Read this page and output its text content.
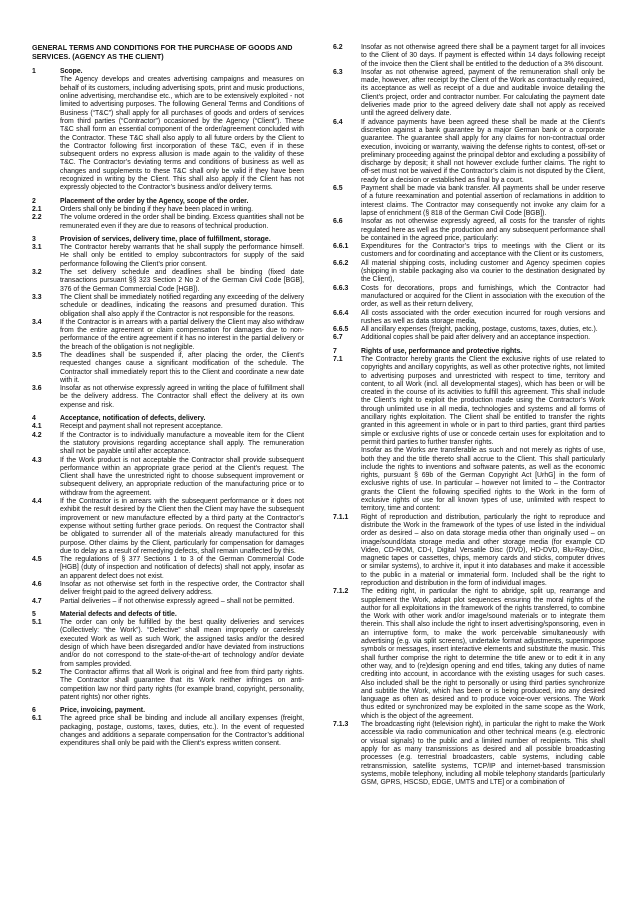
GENERAL TERMS AND CONDITIONS FOR THE PURCHASE OF GOODS AND SERVICES. (AGENCY AS THE CLIENT)
1	Scope.
The Agency develops and creates advertising campaigns and measures on behalf of its customers, including advertising spots, print and music productions, online advertising, merchandise etc., which are to be extensively exploited - not limited to advertising purposes. The following General Terms and Conditions of Business (“T&C”) shall apply for all purchases of goods and orders of services from third parties (“Contractor”) occasioned by the Agency (“Client”). These T&C shall form an essential component of the order/agreement concluded with the Contractor. These T&C shall also apply to all future orders by the Client to the Contractor following first incorporation of these T&C, even if in these subsequent orders no express allusion is made again to the validity of these T&C. The Contractor’s deviating terms and conditions of business as well as changes and supplements to these T&C shall only be valid if they have been recognized in writing by the Client. This shall also apply if the Client has not expressly objected to the Contractor’s business and/or delivery terms.
2	Placement of the order by the Agency, scope of the order.
2.1	Orders shall only be binding if they have been placed in writing.
2.2	The volume ordered in the order shall be binding. Excess quantities shall not be remunerated even if they are due to reasons of technical production.
3	Provision of services, delivery time, place of fulfillment, storage.
3.1	The Contractor hereby warrants that he shall supply the performance himself. He shall only be entitled to employ subcontractors for supply of the said performance following the Client’s prior consent.
3.2	The set delivery schedule and deadlines shall be binding (fixed date transactions pursuant §§ 323 Section 2 No 2 of the German Civil Code [BGB], 376 of the German Commercial Code [HGB]).
3.3	The Client shall be immediately notified regarding any exceeding of the delivery schedule or deadlines, indicating the reasons and presumed duration. This obligation shall also apply if the Contractor is not responsible for the reasons.
3.4	If the Contractor is in arrears with a partial delivery the Client may also withdraw from the entire agreement or claim compensation for damages due to non-performance of the entire agreement if it has no interest in the partial delivery or the breach of the obligation is not negligible.
3.5	The deadlines shall be suspended if, after placing the order, the Client’s requested changes cause a significant modification of the schedule. The Contractor shall immediately report this to the Client and coordinate a new date with it.
3.6	Insofar as not otherwise expressly agreed in writing the place of fulfillment shall be the delivery address. The Contractor shall effect the delivery at its own expense and risk.
4	Acceptance, notification of defects, delivery.
4.1	Receipt and payment shall not represent acceptance.
4.2	If the Contractor is to individually manufacture a moveable item for the Client the statutory provisions regarding acceptance shall apply. The remuneration shall not be payable until after acceptance.
4.3	If the Work product is not acceptable the Contractor shall provide subsequent performance within an appropriate grace period at the Client’s request. The Client shall have the unrestricted right to choose subsequent improvement or subsequent delivery, an appropriate reduction of the manufacturing price or to withdraw from the agreement.
4.4	If the Contractor is in arrears with the subsequent performance or it does not exhibit the result desired by the Client then the Client may have the subsequent improvement or new manufacture effected by a third party at the Contractor’s expense without setting further grace periods. On request the Contractor shall be obligated to surrender all of the materials already manufactured for this purpose. Other claims by the Client, particularly for compensation for damages due to delay as a result of remedying defects, shall remain unaffected by this.
4.5	The regulations of § 377 Sections 1 to 3 of the German Commercial Code [HGB] (duty of inspection and notification of defects) shall not apply, insofar as an apparent defect does not exist.
4.6	Insofar as not otherwise set forth in the respective order, the Contractor shall deliver freight paid to the agreed delivery address.
4.7	Partial deliveries – if not otherwise expressly agreed – shall not be permitted.
5	Material defects and defects of title.
5.1	The order can only be fulfilled by the best quality deliveries and services (Collectively: “the Work”). “Defective” shall mean improperly or carelessly executed Work as well as such Work, the assigned tasks and/or the desired design of which have been disregarded and/or have deviated from instructions and/or do not correspond to the state-of-the-art of technology and/or deviate from samples provided.
5.2	The Contractor affirms that all Work is original and free from third party rights. The Contractor shall guarantee that its Work neither infringes on anti-competition law nor third party rights (for example brand, copyright, personality, patent rights) nor other rights.
6	Price, invoicing, payment.
6.1	The agreed price shall be binding and include all ancillary expenses (freight, packaging, postage, customs, taxes, duties, etc.). In the event of requested changes and additions a separate compensation for the Contractor’s additional expenditures shall only be paid with the Client’s express written consent.
6.2	Insofar as not otherwise agreed there shall be a payment target for all invoices to the Client of 30 days. If payment is effected within 14 days following receipt of the invoice then the Client shall be entitled to the deduction of a 3% discount.
6.3	Insofar as not otherwise agreed, payment of the remuneration shall only be made, however, after receipt by the Client of the Work as contractually required, its acceptance as well as receipt of a due and auditable invoice detailing the Client’s project, order and contractor number. For calculating the payment date deliveries made prior to the agreed delivery date shall not apply as received until the agreed delivery date.
6.4	If advance payments have been agreed these shall be made at the Client’s discretion against a bank guarantee by a major German bank or a corporate guarantee. The guarantee shall apply for any claims for non-contractual order execution, invoicing or warranty, waiving the defense rights to contest, off-set or preliminary proceeding against the principal debtor and excluding a possibility of discharge by deposit; it shall not however exclude further claims. The right to off-set must not be waived if the Contractor’s claim is not disputed by the Client, ready for a decision or established as final by a court.
6.5	Payment shall be made via bank transfer. All payments shall be under reserve of a future reexamination and potential assertion of reclamations in addition to interest claims. The Contractor may consequently not invoke any claim for a lapse of enrichment (§ 818 of the German Civil Code [BGB]).
6.6	Insofar as not otherwise expressly agreed, all costs for the transfer of rights regulated here as well as the production and any subsequent performance shall be contained in the agreed price, particularly:
6.6.1	Expenditures for the Contractor’s trips to meetings with the Client or its customers and for coordinating and acceptance with the Client or its customers,
6.6.2	All material shipping costs, including customer and Agency specimen copies (shipping in stabile packaging also via courier to the destination designated by the Client),
6.6.3	Costs for decorations, props and furnishings, which the Contractor had manufactured or acquired for the Client in association with the execution of the order, as well as their return delivery,
6.6.4	All costs associated with the order execution incurred for rough versions and rushes as well as data storage media,
6.6.5	All ancillary expenses (freight, packing, postage, customs, taxes, duties, etc.).
6.7	Additional copies shall be paid after delivery and an acceptance inspection.
7	Rights of use, performance and protective rights.
7.1	The Contractor hereby grants the Client the exclusive rights of use related to copyrights and ancillary copyrights, as well as other protective rights, not limited to advertising purposes and unrestricted with respect to time, territory and content, to all Work (incl. all developmental stages), which has been or will be created in the course of its activities to fulfill this agreement. This shall include the Client’s right to exploit the production made using the Contractor’s Work through unlimited use in all media, technologies and systems and all forms of ancillary rights exploitation. The Client shall be entitled to transfer the rights granted in this agreement in whole or in part to third parties, grant third parties simple or exclusive rights of use or concede certain uses for exploitation and to permit third parties to further transfer rights.
Insofar as the Works are transferable as such and not merely as rights of use, both they and the title thereto shall accrue to the Client. This shall particularly include the rights to inventions and software patents, as well as the economic rights, pursuant § 69b of the German Copyright Act [UrhG] in the form of exclusive rights of use. In particular – however not limited to – the Contractor grants the Client the following specified rights to the Work in the form of exclusive rights of use for all known types of use, unlimited with respect to territory, time and content:
7.1.1	Right of reproduction and distribution, particularly the right to reproduce and distribute the Work in the framework of the types of use listed in the individual order as desired – also on data storage media other than originally used – on image/sound/data storage media and other storage media (for example CD Video, CD-ROM, CD-I, Digital Versatile Disc (DVD), HD-DVD, Blu-Ray-Disc, magnetic tapes or cassettes, chips, memory cards and sticks, computer drives or similar systems), to archive it, input it into databases and make it accessible to the public in a material or immaterial form. Included shall be the right to reproduction and distribution in the form of individual images.
7.1.2	The editing right, in particular the right to abridge, split up, rearrange and supplement the Work, adapt plot sequences ensuring the moral rights of the author for all exploitations in the framework of the rights transferred, to combine the Work with other work and/or image/sound materials or to integrate them therein. This shall also include the right to insert advertising/sponsoring, even in an interruptive form, to make the work perceivable simultaneously with advertising (e.g. via split screens), undertake format adjustments, superimpose symbols or messages, insert interactive elements and substitute the music. This shall further comprise the right to determine the title anew or to edit it in any other way, and to (re)design opening and end titles, taking any duties of name crediting into account, in accordance with the existing usages for such cases. Also included shall be the right to personally or using third parties synchronize and subtitle the Work, which has been or is being produced, into any desired language as often as desired and to produce voice-over versions. The Work thus edited or synchronized may be exploited in the same scope as the Work, which is the object of the agreement.
7.1.3	The broadcasting right (television right), in particular the right to make the Work accessible via radio communication and other technical means (e.g. electronic or visual signals) to the public and a limited number of recipients. This shall apply for as many transmissions as desired and all possible broadcasting processes (e.g. terrestrial broadcasters, cable systems, including cable retransmission, satellite systems, TCP/IP and internet-based transmission systems, mobile telephony, including all mobile telephony standards [particularly GSM, GPRS, HSCSD, EDGE, UMTS and LTE] or a combination of
